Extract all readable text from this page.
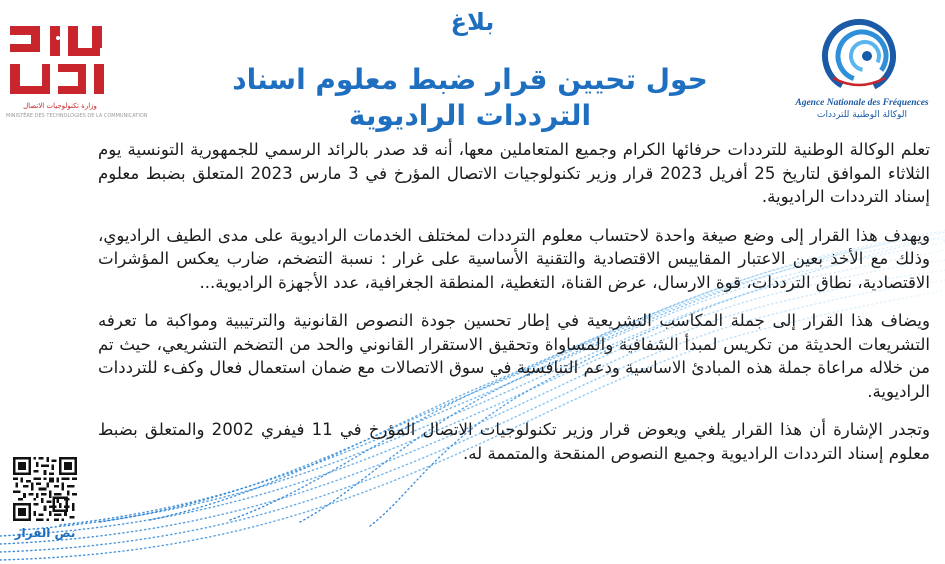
بلاغ
حول تحيين قرار ضبط معلوم اسناد الترددات الراديوية	Agence Nationale des Fréquences
الوكالة الوطنية للترددات
وزارة تكنولوجيات الاتصال
MINISTÈRE DES TECHNOLOGIES DE LA COMMUNICATION

تعلم الوكالة الوطنية للترددات حرفائها الكرام وجميع المتعاملين معها، أنه قد صدر بالرائد الرسمي للجمهورية التونسية يوم الثلاثاء الموافق لتاريخ 25 أفريل 2023 قرار وزير تكنولوجيات الاتصال المؤرخ في 3 مارس 2023 المتعلق بضبط معلوم إسناد الترددات الراديوية.

ويهدف هذا القرار إلى وضع صيغة واحدة لاحتساب معلوم الترددات لمختلف الخدمات الراديوية على مدى الطيف الراديوي، وذلك مع الأخذ بعين الاعتبار المقاييس الاقتصادية والتقنية الأساسية على غرار : نسبة التضخم، ضارب يعكس المؤشرات الاقتصادية، نطاق الترددات، قوة الارسال، عرض القناة، التغطية، المنطقة الجغرافية، عدد الأجهزة الراديوية...

ويضاف هذا القرار إلى جملة المكاسب التشريعية في إطار تحسين جودة النصوص القانونية والترتيبية ومواكبة ما تعرفه التشريعات الحديثة من تكريس لمبدأ الشفافية والمساواة وتحقيق الاستقرار القانوني والحد من التضخم التشريعي، حيث تم من خلاله مراعاة جملة هذه المبادئ الاساسية ودعم التنافسية في سوق الاتصالات مع ضمان استعمال فعال وكفء للترددات الراديوية.

وتجدر الإشارة أن هذا القرار يلغي ويعوض قرار وزير تكنولوجيات الاتصال المؤرخ في 11 فيفري 2002 والمتعلق بضبط معلوم إسناد الترددات الراديوية وجميع النصوص المنقحة والمتممة له.

نص القرار
